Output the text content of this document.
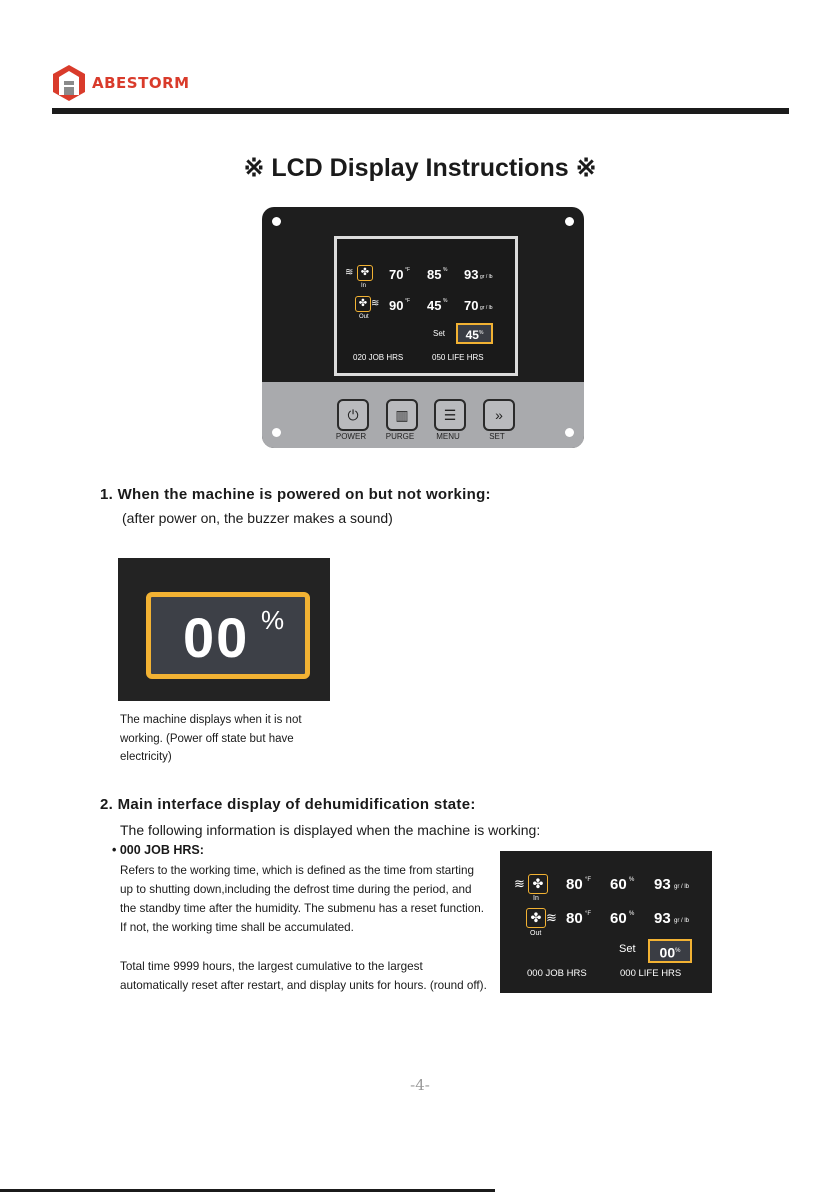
ABESTORM
※ LCD Display Instructions ※
≋ ✤
In
70 °F 85 % 93 gr / lb
✤ ≋
Out
90 °F 45 % 70 gr / lb
Set	45%
020 JOB HRS	050 LIFE HRS
⏻	▥	☰	»
POWER	PURGE	MENU	SET
1. When the machine is powered on but not working:
(after power on, the buzzer makes a sound)
00 %
The machine displays when it is not working. (Power off state but have electricity)
2. Main interface display of dehumidification state:
The following information is displayed when the machine is working:
• 000 JOB HRS:
Refers to the working time, which is defined as the time from starting up to shutting down,including the defrost time during the period, and the standby time after the humidity. The submenu has a reset function. If not, the working time shall be accumulated.
Total time 9999 hours, the largest cumulative to the largest automatically reset after restart, and display units for hours. (round off).
≋ ✤
In
80 °F 60 % 93 gr / lb
✤ ≋
Out
80 °F 60 % 93 gr / lb
Set	00%
000 JOB HRS	000 LIFE HRS
-4-
